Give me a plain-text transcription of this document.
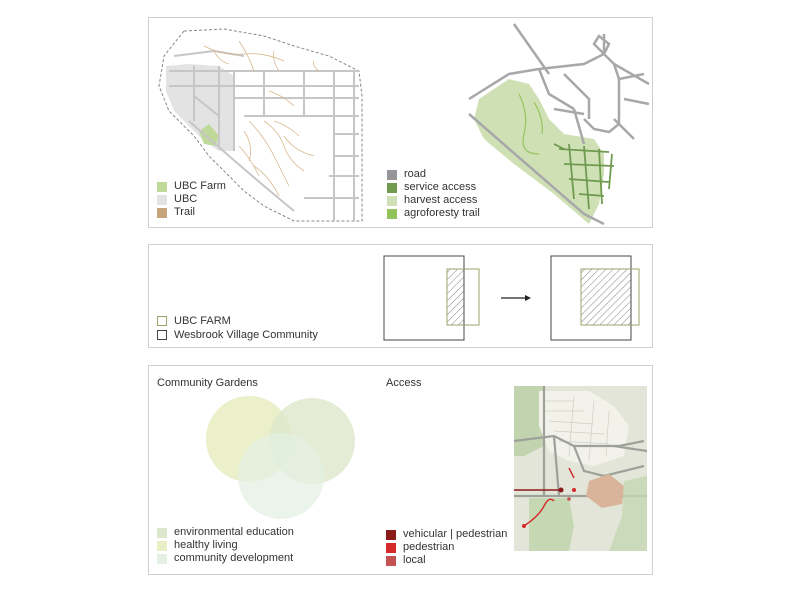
UBC Farm
UBC
Trail
road
service access
harvest access
agroforesty trail
UBC FARM
Wesbrook Village Community
Community Gardens	Access
environmental education
healthy living
community development
vehicular | pedestrian
pedestrian
local
